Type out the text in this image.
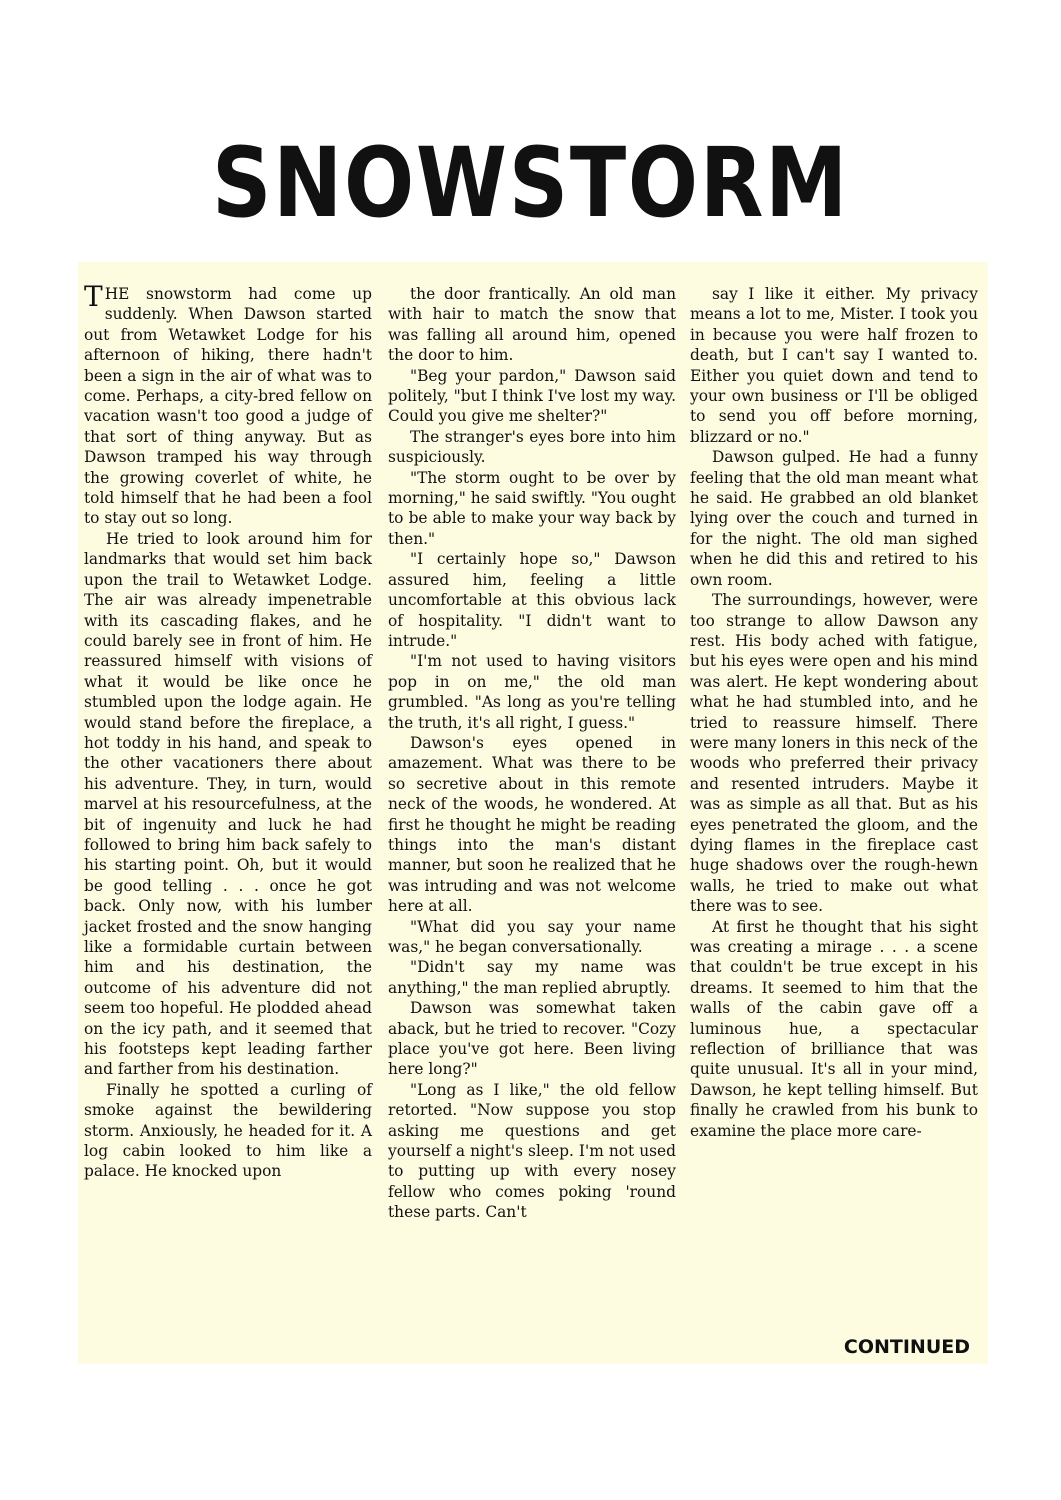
SNOWSTORM

THE snowstorm had come up suddenly. When Dawson started out from Wetawket Lodge for his afternoon of hiking, there hadn't been a sign in the air of what was to come. Perhaps, a city-bred fellow on vacation wasn't too good a judge of that sort of thing anyway. But as Dawson tramped his way through the growing coverlet of white, he told himself that he had been a fool to stay out so long.

He tried to look around him for landmarks that would set him back upon the trail to Wetawket Lodge. The air was already impenetrable with its cascading flakes, and he could barely see in front of him. He reassured himself with visions of what it would be like once he stumbled upon the lodge again. He would stand before the fireplace, a hot toddy in his hand, and speak to the other vacationers there about his adventure. They, in turn, would marvel at his resourcefulness, at the bit of ingenuity and luck he had followed to bring him back safely to his starting point. Oh, but it would be good telling . . . once he got back. Only now, with his lumber jacket frosted and the snow hanging like a formidable curtain between him and his destination, the outcome of his adventure did not seem too hopeful. He plodded ahead on the icy path, and it seemed that his footsteps kept leading farther and farther from his destination.

Finally he spotted a curling of smoke against the bewildering storm. Anxiously, he headed for it. A log cabin looked to him like a palace. He knocked upon

the door frantically. An old man with hair to match the snow that was falling all around him, opened the door to him.

"Beg your pardon," Dawson said politely, "but I think I've lost my way. Could you give me shelter?"

The stranger's eyes bore into him suspiciously.

"The storm ought to be over by morning," he said swiftly. "You ought to be able to make your way back by then."

"I certainly hope so," Dawson assured him, feeling a little uncomfortable at this obvious lack of hospitality. "I didn't want to intrude."

"I'm not used to having visitors pop in on me," the old man grumbled. "As long as you're telling the truth, it's all right, I guess."

Dawson's eyes opened in amazement. What was there to be so secretive about in this remote neck of the woods, he wondered. At first he thought he might be reading things into the man's distant manner, but soon he realized that he was intruding and was not welcome here at all.

"What did you say your name was," he began conversationally.

"Didn't say my name was anything," the man replied abruptly.

Dawson was somewhat taken aback, but he tried to recover. "Cozy place you've got here. Been living here long?"

"Long as I like," the old fellow retorted. "Now suppose you stop asking me questions and get yourself a night's sleep. I'm not used to putting up with every nosey fellow who comes poking 'round these parts. Can't

say I like it either. My privacy means a lot to me, Mister. I took you in because you were half frozen to death, but I can't say I wanted to. Either you quiet down and tend to your own business or I'll be obliged to send you off before morning, blizzard or no."

Dawson gulped. He had a funny feeling that the old man meant what he said. He grabbed an old blanket lying over the couch and turned in for the night. The old man sighed when he did this and retired to his own room.

The surroundings, however, were too strange to allow Dawson any rest. His body ached with fatigue, but his eyes were open and his mind was alert. He kept wondering about what he had stumbled into, and he tried to reassure himself. There were many loners in this neck of the woods who preferred their privacy and resented intruders. Maybe it was as simple as all that. But as his eyes penetrated the gloom, and the dying flames in the fireplace cast huge shadows over the rough-hewn walls, he tried to make out what there was to see.

At first he thought that his sight was creating a mirage . . . a scene that couldn't be true except in his dreams. It seemed to him that the walls of the cabin gave off a luminous hue, a spectacular reflection of brilliance that was quite unusual. It's all in your mind, Dawson, he kept telling himself. But finally he crawled from his bunk to examine the place more care-

CONTINUED
